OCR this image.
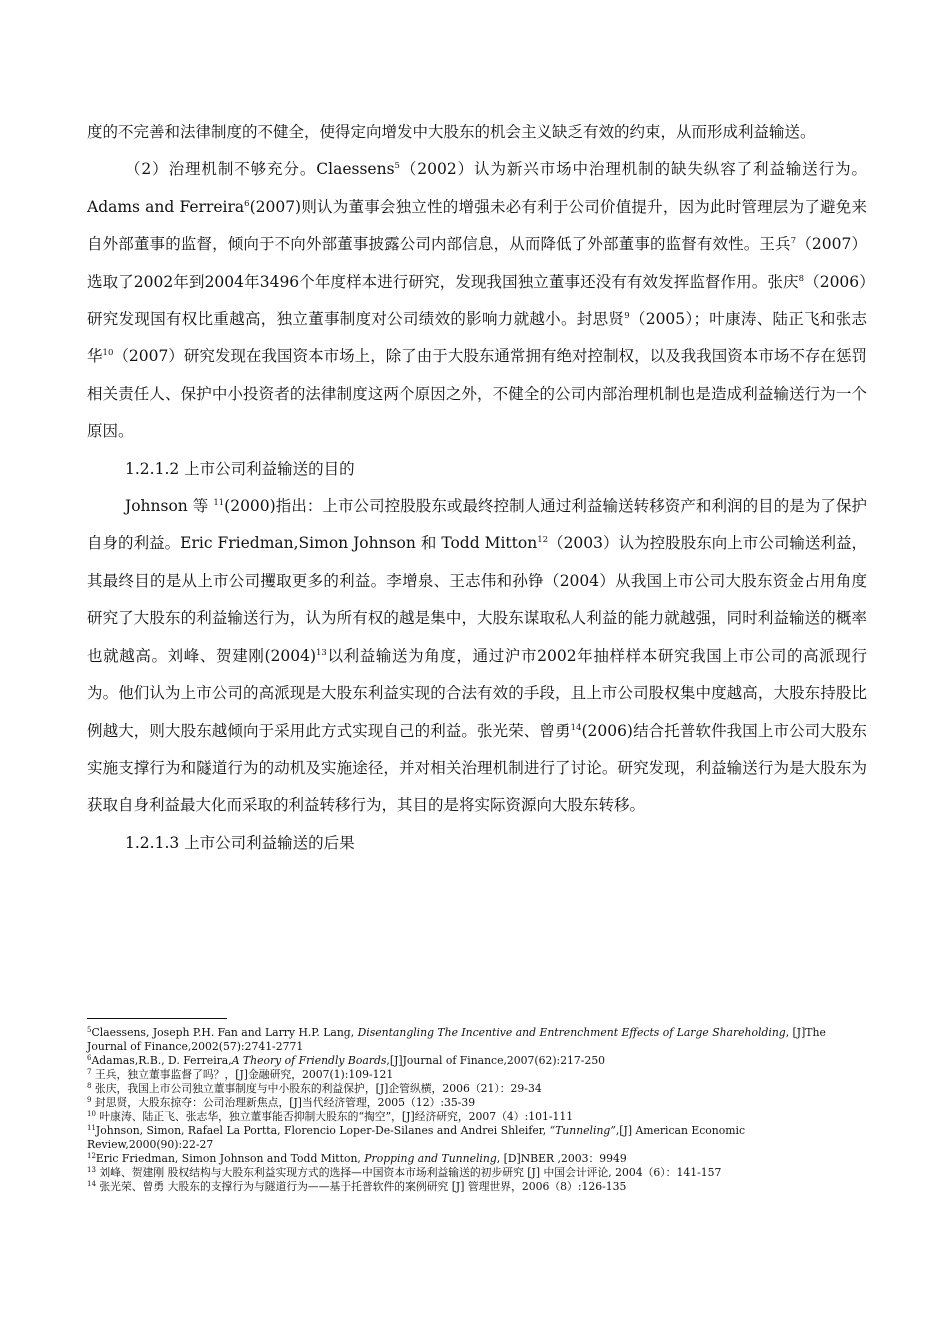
度的不完善和法律制度的不健全，使得定向增发中大股东的机会主义缺乏有效的约束，从而形成利益输送。

（2）治理机制不够充分。Claessens$^5$（2002）认为新兴市场中治理机制的缺失纵容了利益输送行为。Adams and Ferreira$^6$(2007)则认为董事会独立性的增强未必有利于公司价值提升，因为此时管理层为了避免来自外部董事的监督，倾向于不向外部董事披露公司内部信息，从而降低了外部董事的监督有效性。王兵$^7$（2007）选取了2002年到2004年3496个年度样本进行研究，发现我国独立董事还没有有效发挥监督作用。张庆$^8$（2006）研究发现国有权比重越高，独立董事制度对公司绩效的影响力就越小。封思贤$^9$（2005）；叶康涛、陆正飞和张志华$^{10}$（2007）研究发现在我国资本市场上，除了由于大股东通常拥有绝对控制权，以及我我国资本市场不存在惩罚相关责任人、保护中小投资者的法律制度这两个原因之外，不健全的公司内部治理机制也是造成利益输送行为一个原因。

1.2.1.2 上市公司利益输送的目的

Johnson 等 $^{11}$(2000)指出：上市公司控股股东或最终控制人通过利益输送转移资产和利润的目的是为了保护自身的利益。Eric Friedman,Simon Johnson 和 Todd Mitton$^{12}$（2003）认为控股股东向上市公司输送利益，其最终目的是从上市公司攫取更多的利益。李增泉、王志伟和孙铮（2004）从我国上市公司大股东资金占用角度研究了大股东的利益输送行为，认为所有权的越是集中，大股东谋取私人利益的能力就越强，同时利益输送的概率也就越高。刘峰、贺建刚$(2004)^{13}$以利益输送为角度，通过沪市2002年抽样样本研究我国上市公司的高派现行为。他们认为上市公司的高派现是大股东利益实现的合法有效的手段，且上市公司股权集中度越高，大股东持股比例越大，则大股东越倾向于采用此方式实现自己的利益。张光荣、曾勇$^{14}$(2006)结合托普软件我国上市公司大股东实施支撑行为和隧道行为的动机及实施途径，并对相关治理机制进行了讨论。研究发现，利益输送行为是大股东为获取自身利益最大化而采取的利益转移行为，其目的是将实际资源向大股东转移。

1.2.1.3 上市公司利益输送的后果

$^5$Claessens, Joseph P.H. Fan and Larry H.P. Lang, Disentangling The Incentive and Entrenchment Effects of Large Shareholding, [J]The Journal of Finance,2002(57):2741-2771

$^6$Adamas,R.B., D. Ferreira,A Theory of Friendly Boards,[J]Journal of Finance,2007(62):217-250

$^7$ 王兵，独立董事监督了吗？，[J]金融研究，2007(1):109-121

$^8$ 张庆，我国上市公司独立董事制度与中小股东的利益保护，[J]企管纵横，2006（21）：29-34

$^9$ 封思贤，大股东掠夺：公司治理新焦点，[J]当代经济管理，2005（12）:35-39

$^{10}$ 叶康涛、陆正飞、张志华，独立董事能否抑制大股东的“掏空”，[J]经济研究，2007（4）:101-111

$^{11}$Johnson, Simon, Rafael La Portta, Florencio Loper-De-Silanes and Andrei Shleifer, “Tunneling”,[J] American Economic Review,2000(90):22-27

$^{12}$Eric Friedman, Simon Johnson and Todd Mitton, Propping and Tunneling, [D]NBER ,2003：9949

$^{13}$ 刘峰、贺建刚 股权结构与大股东利益实现方式的选择—中国资本市场利益输送的初步研究 [J] 中国会计评论, 2004（6）：141-157

$^{14}$ 张光荣、曾勇 大股东的支撑行为与隧道行为——基于托普软件的案例研究 [J] 管理世界，2006（8）:126-135
